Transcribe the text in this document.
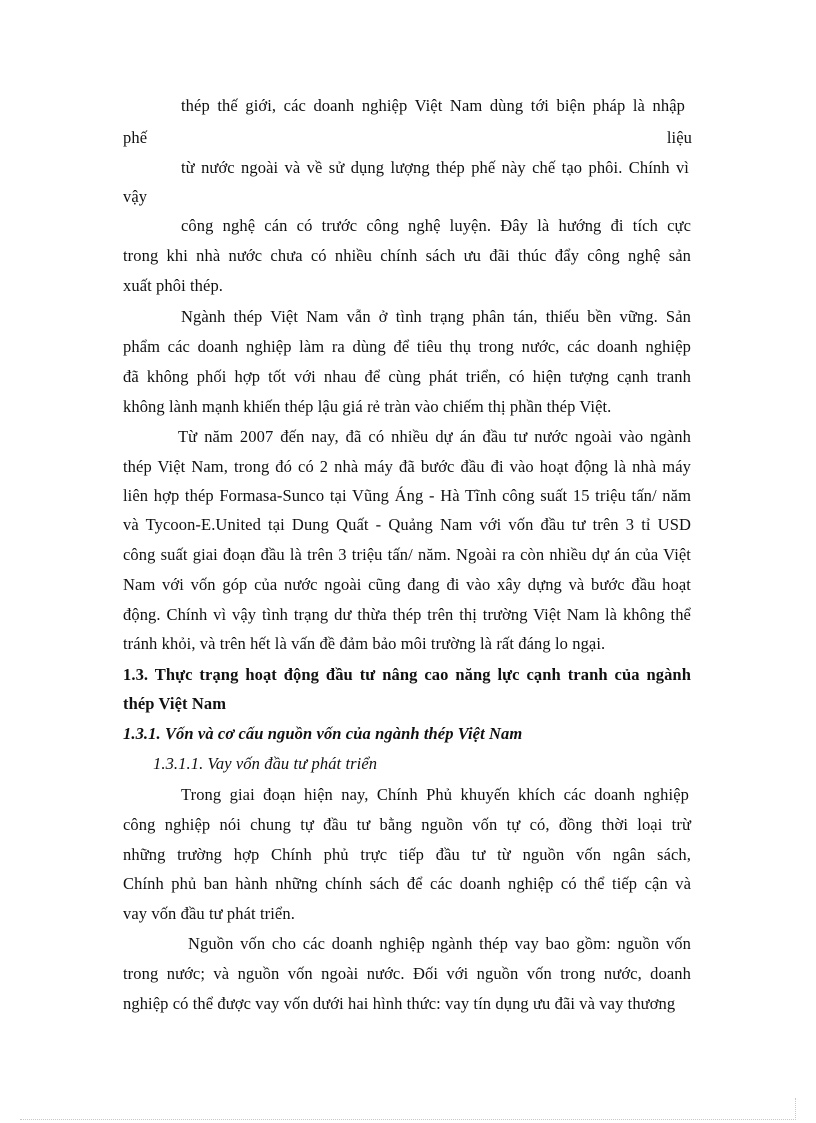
thép thế giới, các doanh nghiệp Việt Nam dùng tới biện pháp là nhập
phế	liệu
từ nước ngoài và về sử dụng lượng thép phế này chế tạo phôi. Chính vì
vậy
công nghệ cán có trước công nghệ luyện. Đây là hướng đi tích cực
trong khi nhà nước chưa có nhiều chính sách ưu đãi thúc đẩy công nghệ sản
xuất phôi thép.
Ngành thép Việt Nam vẫn ở tình trạng phân tán, thiếu bền vững. Sản
phẩm các doanh nghiệp làm ra dùng để tiêu thụ trong nước, các doanh nghiệp
đã không phối hợp tốt với nhau để cùng phát triển, có hiện tượng cạnh tranh
không lành mạnh khiến thép lậu giá rẻ tràn vào chiếm thị phần thép Việt.
Từ năm 2007 đến nay, đã có nhiều dự án đầu tư nước ngoài vào ngành
thép Việt Nam, trong đó có 2 nhà máy đã bước đầu đi vào hoạt động là nhà máy
liên hợp thép Formasa-Sunco tại Vũng Áng - Hà Tĩnh công suất 15 triệu tấn/ năm
và Tycoon-E.United tại Dung Quất - Quảng Nam với vốn đầu tư trên 3 tỉ USD
công suất giai đoạn đầu là trên 3 triệu tấn/ năm. Ngoài ra còn nhiều dự án của Việt
Nam với vốn góp của nước ngoài cũng đang đi vào xây dựng và bước đầu hoạt
động. Chính vì vậy tình trạng dư thừa thép trên thị trường Việt Nam là không thể
tránh khỏi, và trên hết là vấn đề đảm bảo môi trường là rất đáng lo ngại.
1.3. Thực trạng hoạt động đầu tư nâng cao năng lực cạnh tranh của ngành
thép Việt Nam
1.3.1. Vốn và cơ cấu nguồn vốn của ngành thép Việt Nam
1.3.1.1. Vay vốn đầu tư phát triển
Trong giai đoạn hiện nay, Chính Phủ khuyến khích các doanh nghiệp
công nghiệp nói chung tự đầu tư bằng nguồn vốn tự có, đồng thời loại trừ
những trường hợp Chính phủ trực tiếp đầu tư từ nguồn vốn ngân sách,
Chính phủ ban hành những chính sách để các doanh nghiệp có thể tiếp cận và
vay vốn đầu tư phát triển.
Nguồn vốn cho các doanh nghiệp ngành thép vay bao gồm: nguồn vốn
trong nước; và nguồn vốn ngoài nước. Đối với nguồn vốn trong nước, doanh
nghiệp có thể được vay vốn dưới hai hình thức: vay tín dụng ưu đãi và vay thương
